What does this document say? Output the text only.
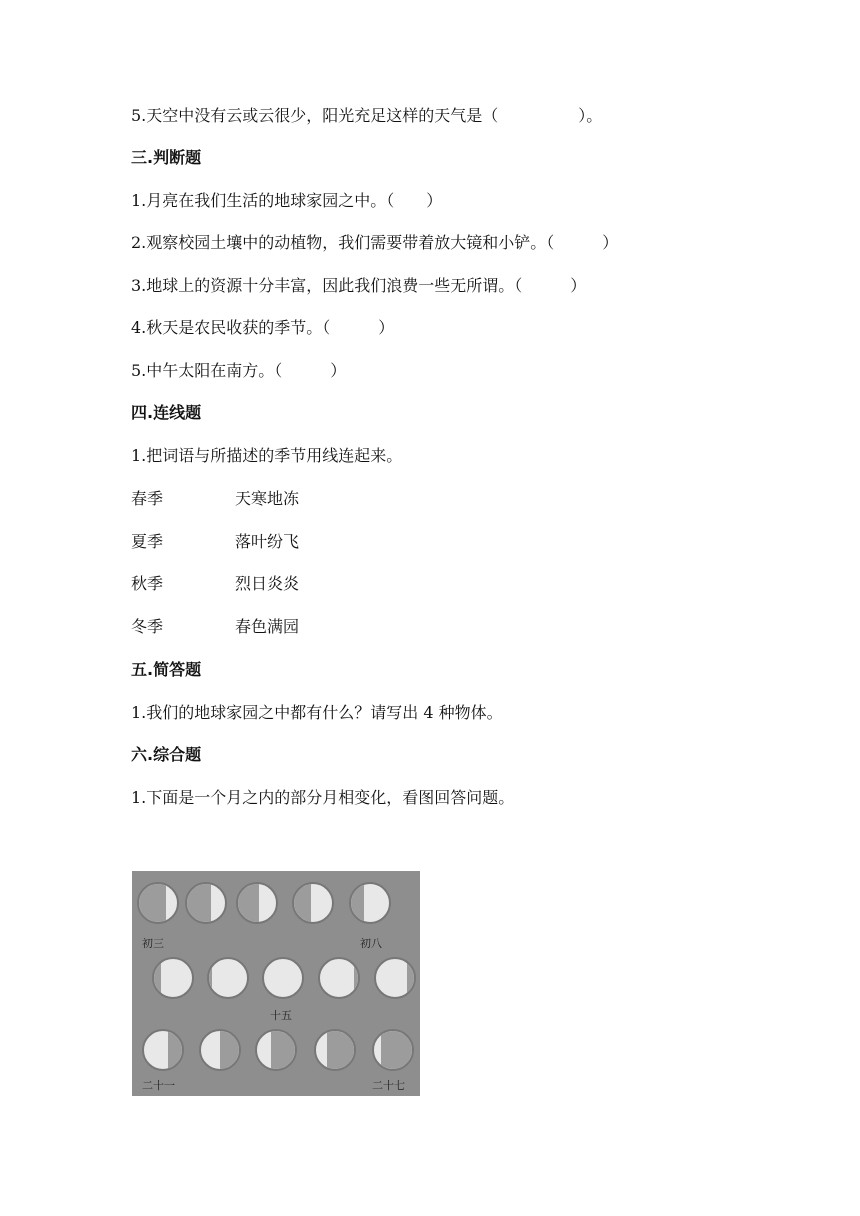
5.天空中没有云或云很少，阳光充足这样的天气是（　　　　　）。
三.判断题
1.月亮在我们生活的地球家园之中。（　　）
2.观察校园土壤中的动植物，我们需要带着放大镜和小铲。（　　　）
3.地球上的资源十分丰富，因此我们浪费一些无所谓。（　　　）
4.秋天是农民收获的季节。（　　　）
5.中午太阳在南方。（　　　）
四.连线题
1.把词语与所描述的季节用线连起来。
春季	天寒地冻
夏季	落叶纷飞
秋季	烈日炎炎
冬季	春色满园
五.简答题
1.我们的地球家园之中都有什么？请写出 4 种物体。
六.综合题
1.下面是一个月之内的部分月相变化，看图回答问题。
初三	初八
十五
二十一	二十七
